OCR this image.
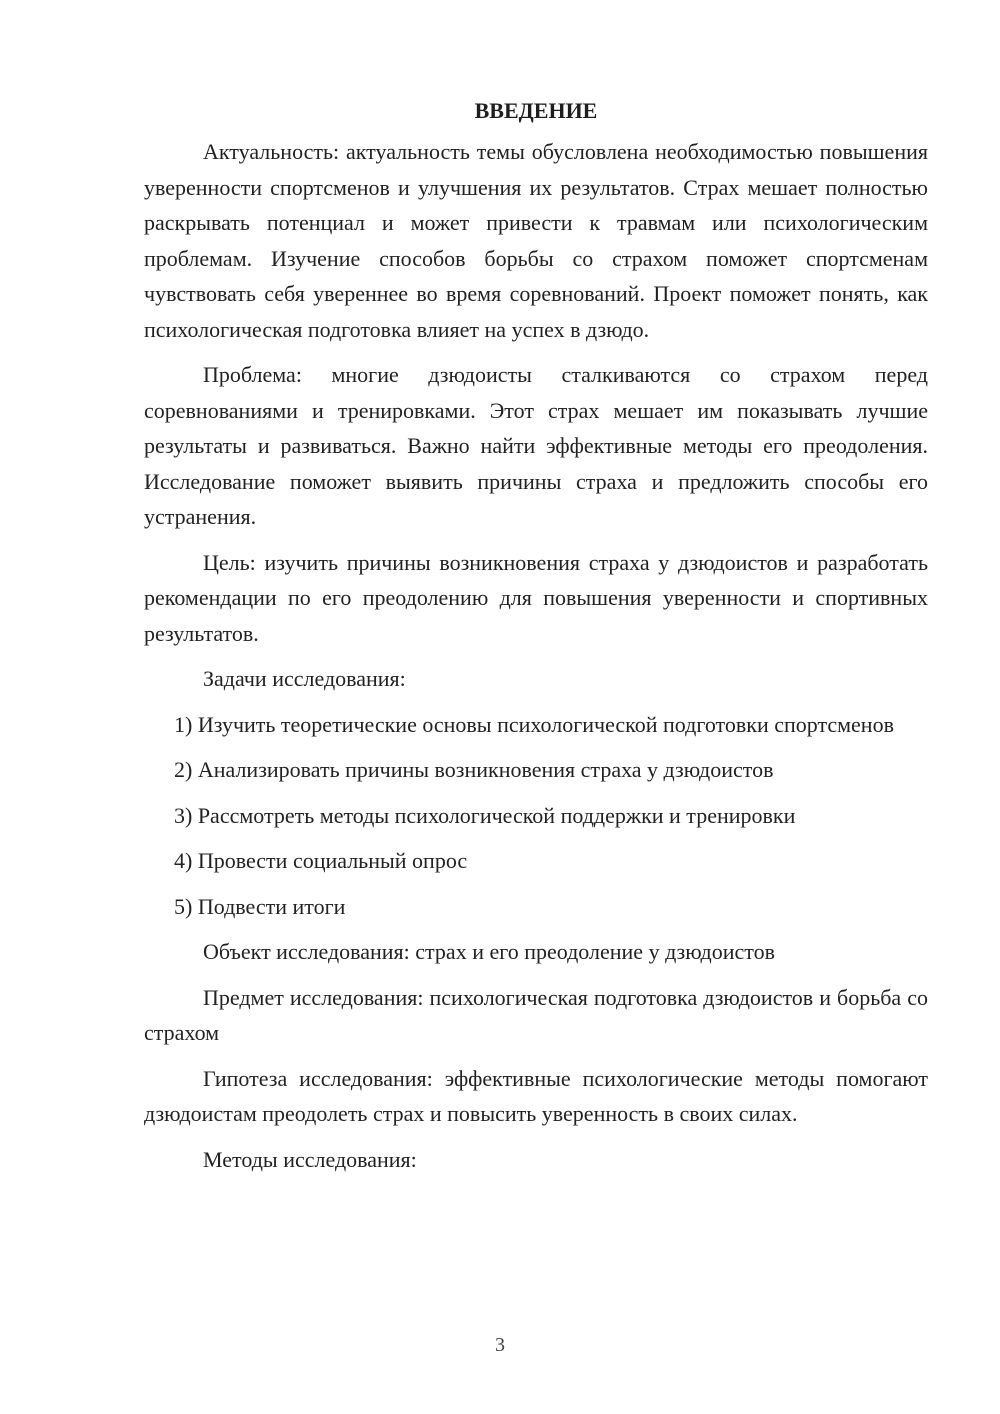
ВВЕДЕНИЕ

Актуальность: актуальность темы обусловлена необходимостью повышения уверенности спортсменов и улучшения их результатов. Страх мешает полностью раскрывать потенциал и может привести к травмам или психологическим проблемам. Изучение способов борьбы со страхом поможет спортсменам чувствовать себя увереннее во время соревнований. Проект поможет понять, как психологическая подготовка влияет на успех в дзюдо.

Проблема: многие дзюдоисты сталкиваются со страхом перед соревнованиями и тренировками. Этот страх мешает им показывать лучшие результаты и развиваться. Важно найти эффективные методы его преодоления. Исследование поможет выявить причины страха и предложить способы его устранения.

Цель: изучить причины возникновения страха у дзюдоистов и разработать рекомендации по его преодолению для повышения уверенности и спортивных результатов.

Задачи исследования:

1) Изучить теоретические основы психологической подготовки спортсменов

2) Анализировать причины возникновения страха у дзюдоистов

3) Рассмотреть методы психологической поддержки и тренировки

4) Провести социальный опрос

5) Подвести итоги

Объект исследования: страх и его преодоление у дзюдоистов

Предмет исследования: психологическая подготовка дзюдоистов и борьба со страхом

Гипотеза исследования: эффективные психологические методы помогают дзюдоистам преодолеть страх и повысить уверенность в своих силах.

Методы исследования:

3
